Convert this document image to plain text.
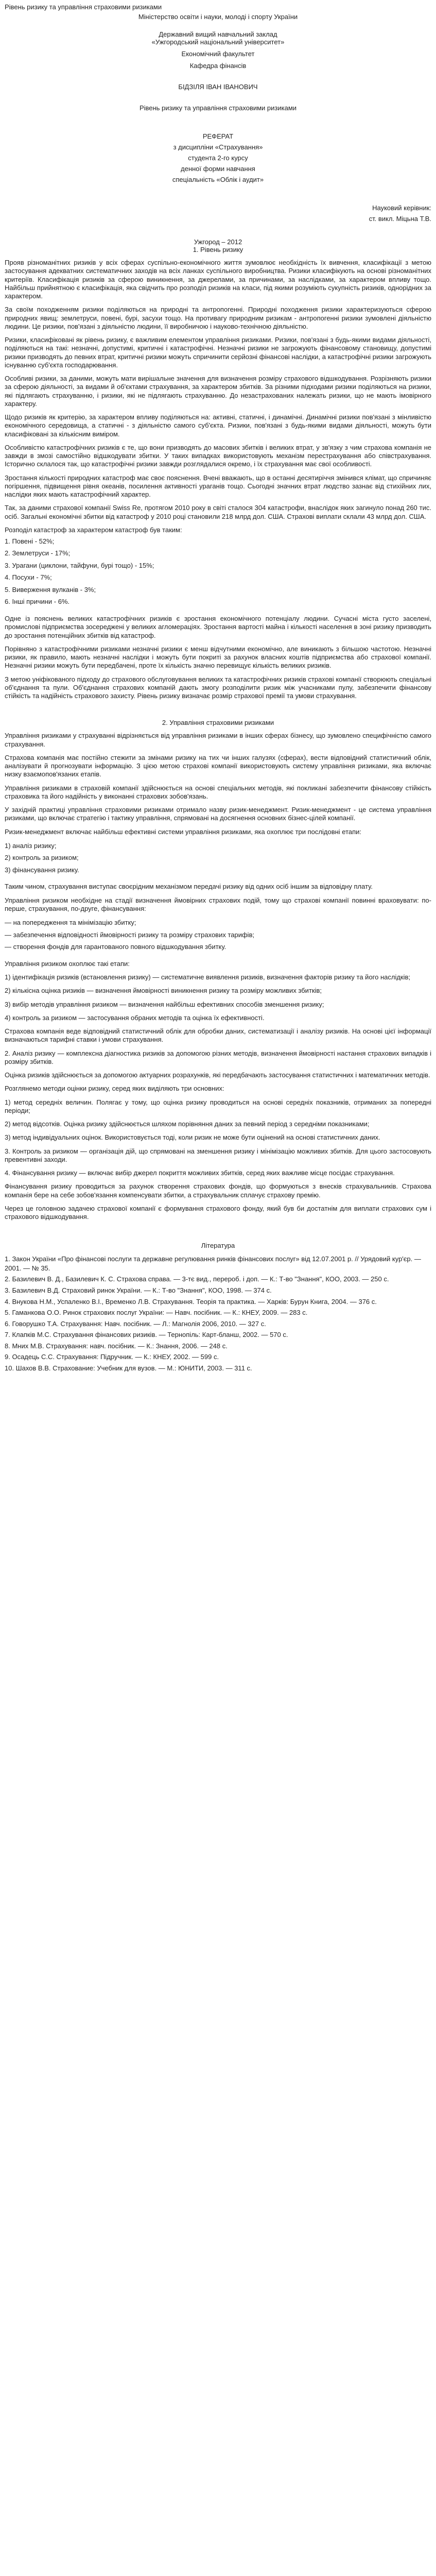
Рівень ризику та управління страховими ризиками

Міністерство освіти і науки, молоді і спорту України

Державний вищий навчальний заклад

«Ужгородський національний університет»

Економічний факультет

Кафедра фінансів

БІДЗІЛЯ ІВАН ІВАНОВИЧ

Рівень ризику та управління страховими ризиками

РЕФЕРАТ

з дисципліни «Страхування»

студента 2-го курсу

денної форми навчання

спеціальність «Облік і аудит»

Науковий керівник:

ст. викл. Міцьна Т.В.

Ужгород – 2012

1. Рівень ризику

Прояв різноманітних ризиків у всіх сферах суспільно-економічного життя зумовлює необхідність їх вивчення, класифікації з метою застосування адекватних систематичних заходів на всіх ланках суспільного виробництва. Ризики класифікують на основі різноманітних критеріїв. Класифікація ризиків за сферою виникнення, за джерелами, за причинами, за наслідками, за характером впливу тощо. Найбільш прийнятною є класифікація, яка свідчить про розподіл ризиків на класи, під якими розуміють сукупність ризиків, однорідних за характером.

За своїм походженням ризики поділяються на природні та антропогенні. Природні походження ризики характеризуються сферою природних явищ: землетруси, повені, бурі, засухи тощо. На противагу природним ризикам - антропогенні ризики зумовлені діяльністю людини. Це ризики, пов'язані з діяльністю людини, її виробничою і науково-технічною діяльністю.

Ризики, класифіковані як рівень ризику, є важливим елементом управління ризиками. Ризики, пов'язані з будь-якими видами діяльності, поділяються на такі: незначні, допустимі, критичні і катастрофічні. Незначні ризики не загрожують фінансовому становищу, допустимі ризики призводять до певних втрат, критичні ризики можуть спричинити серйозні фінансові наслідки, а катастрофічні ризики загрожують існуванню суб'єкта господарювання.

Особливі ризики, за даними, можуть мати вирішальне значення для визначення розміру страхового відшкодування. Розрізняють ризики за сферою діяльності, за видами й об'єктами страхування, за характером збитків. За різними підходами ризики поділяються на ризики, які підлягають страхуванню, і ризики, які не підлягають страхуванню. До незастрахованих належать ризики, що не мають імовірного характеру.

Щодо ризиків як критерію, за характером впливу поділяються на: активні, статичні, і динамічні. Динамічні ризики пов'язані з мінливістю економічного середовища, а статичні - з діяльністю самого суб'єкта. Ризики, пов'язані з будь-якими видами діяльності, можуть бути класифіковані за кількісним виміром.

Особливістю катастрофічних ризиків є те, що вони призводять до масових збитків і великих втрат, у зв'язку з чим страхова компанія не завжди в змозі самостійно відшкодувати збитки. У таких випадках використовують механізм перестрахування або співстрахування. Історично склалося так, що катастрофічні ризики завжди розглядалися окремо, і їх страхування має свої особливості.

Зростання кількості природних катастроф має своє пояснення. Вчені вважають, що в останні десятиріччя змінився клімат, що спричиняє погіршення, підвищення рівня океанів, посилення активності ураганів тощо. Сьогодні значних втрат людство зазнає від стихійних лих, наслідки яких мають катастрофічний характер.

Так, за даними страхової компанії Swiss Re, протягом 2010 року в світі сталося 304 катастрофи, внаслідок яких загинуло понад 260 тис. осіб. Загальні економічні збитки від катастроф у 2010 році становили 218 млрд дол. США. Страхові виплати склали 43 млрд дол. США.

Розподіл катастроф за характером катастроф був таким:

1. Повені - 52%;

2. Землетруси - 17%;

3. Урагани (циклони, тайфуни, бурі тощо) - 15%;

4. Посухи - 7%;

5. Виверження вулканів - 3%;

6. Інші причини - 6%.

Одне із пояснень великих катастрофічних ризиків є зростання економічного потенціалу людини. Сучасні міста густо заселені, промислові підприємства зосереджені у великих агломераціях. Зростання вартості майна і кількості населення в зоні ризику призводить до зростання потенційних збитків від катастроф.

Порівняно з катастрофічними ризиками незначні ризики є менш відчутними економічно, але виникають з більшою частотою. Незначні ризики, як правило, мають незначні наслідки і можуть бути покриті за рахунок власних коштів підприємства або страхової компанії. Незначні ризики можуть бути передбачені, проте їх кількість значно перевищує кількість великих ризиків.

З метою уніфікованого підходу до страхового обслуговування великих та катастрофічних ризиків страхові компанії створюють спеціальні об'єднання та пули. Об'єднання страхових компаній дають змогу розподілити ризик між учасниками пулу, забезпечити фінансову стійкість та надійність страхового захисту. Рівень ризику визначає розмір страхової премії та умови страхування.

2. Управління страховими ризиками

Управління ризиками у страхуванні відрізняється від управління ризиками в інших сферах бізнесу, що зумовлено специфічністю самого страхування.

Страхова компанія має постійно стежити за змінами ризику на тих чи інших галузях (сферах), вести відповідний статистичний облік, аналізувати й прогнозувати інформацію. З цією метою страхові компанії використовують систему управління ризиками, яка включає низку взаємопов'язаних етапів.

Управління ризиками в страховій компанії здійснюється на основі спеціальних методів, які покликані забезпечити фінансову стійкість страховика та його надійність у виконанні страхових зобов'язань.

У західній практиці управління страховими ризиками отримало назву ризик-менеджмент. Ризик-менеджмент - це система управління ризиками, що включає стратегію і тактику управління, спрямовані на досягнення основних бізнес-цілей компанії.

Ризик-менеджмент включає найбільш ефективні системи управління ризиками, яка охоплює три послідовні етапи:

1) аналіз ризику;

2) контроль за ризиком;

3) фінансування ризику.

Таким чином, страхування виступає своєрідним механізмом передачі ризику від одних осіб іншим за відповідну плату.

Управління ризиком необхідне на стадії визначення ймовірних страхових подій, тому що страхові компанії повинні враховувати: по-перше, страхування, по-друге, фінансування:

— на попередження та мінімізацію збитку;

— забезпечення відповідності ймовірності ризику та розміру страхових тарифів;

— створення фондів для гарантованого повного відшкодування збитку.

Управління ризиком охоплює такі етапи:

1) ідентифікація ризиків (встановлення ризику) — систематичне виявлення ризиків, визначення факторів ризику та його наслідків;

2) кількісна оцінка ризиків — визначення ймовірності виникнення ризику та розміру можливих збитків;

3) вибір методів управління ризиком — визначення найбільш ефективних способів зменшення ризику;

4) контроль за ризиком — застосування обраних методів та оцінка їх ефективності.

Страхова компанія веде відповідний статистичний облік для обробки даних, систематизації і аналізу ризиків. На основі цієї інформації визначаються тарифні ставки і умови страхування.

2. Аналіз ризику — комплексна діагностика ризиків за допомогою різних методів, визначення ймовірності настання страхових випадків і розміру збитків.

Оцінка ризиків здійснюється за допомогою актуарних розрахунків, які передбачають застосування статистичних і математичних методів.

Розглянемо методи оцінки ризику, серед яких виділяють три основних:

1) метод середніх величин. Полягає у тому, що оцінка ризику проводиться на основі середніх показників, отриманих за попередні періоди;

2) метод відсотків. Оцінка ризику здійснюється шляхом порівняння даних за певний період з середніми показниками;

3) метод індивідуальних оцінок. Використовується тоді, коли ризик не може бути оцінений на основі статистичних даних.

3. Контроль за ризиком — організація дій, що спрямовані на зменшення ризику і мінімізацію можливих збитків. Для цього застосовують превентивні заходи.

4. Фінансування ризику — включає вибір джерел покриття можливих збитків, серед яких важливе місце посідає страхування.

Фінансування ризику проводиться за рахунок створення страхових фондів, що формуються з внесків страхувальників. Страхова компанія бере на себе зобов'язання компенсувати збитки, а страхувальник сплачує страхову премію.

Через це головною задачею страхової компанії є формування страхового фонду, який був би достатнім для виплати страхових сум і страхового відшкодування.

Література

1. Закон України «Про фінансові послуги та державне регулювання ринків фінансових послуг» від 12.07.2001 р. // Урядовий кур'єр. — 2001. — № 35.

2. Базилевич В. Д., Базилевич К. С. Страхова справа. — 3-тє вид., перероб. і доп. — К.: Т-во "Знання", КОО, 2003. — 250 с.

3. Базилевич В.Д. Страховий ринок України. — К.: Т-во "Знання", КОО, 1998. — 374 с.

4. Внукова Н.М., Успаленко В.І., Временко Л.В. Страхування. Теорія та практика. — Харків: Бурун Книга, 2004. — 376 с.

5. Гаманкова О.О. Ринок страхових послуг України: — Навч. посібник. — К.: КНЕУ, 2009. — 283 с.

6. Говорушко Т.А. Страхування: Навч. посібник. — Л.: Магнолія 2006, 2010. — 327 с.

7. Клапків М.С. Страхування фінансових ризиків. — Тернопіль: Карт-бланш, 2002. — 570 с.

8. Мних М.В. Страхування: навч. посібник. — К.: Знання, 2006. — 248 с.

9. Осадець С.С. Страхування: Підручник. — К.: КНЕУ, 2002. — 599 с.

10. Шахов В.В. Страхование: Учебник для вузов. — М.: ЮНИТИ, 2003. — 311 с.
